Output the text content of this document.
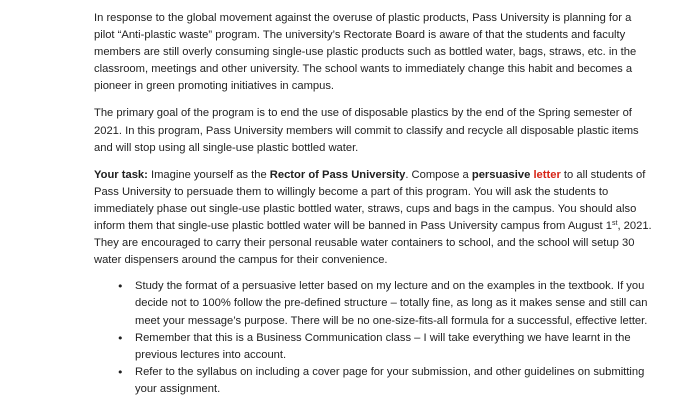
In response to the global movement against the overuse of plastic products, Pass University is planning for a pilot “Anti-plastic waste” program. The university’s Rectorate Board is aware of that the students and faculty members are still overly consuming single-use plastic products such as bottled water, bags, straws, etc. in the classroom, meetings and other university. The school wants to immediately change this habit and becomes a pioneer in green promoting initiatives in campus.

The primary goal of the program is to end the use of disposable plastics by the end of the Spring semester of 2021. In this program, Pass University members will commit to classify and recycle all disposable plastic items and will stop using all single-use plastic bottled water.

Your task: Imagine yourself as the Rector of Pass University. Compose a persuasive letter to all students of Pass University to persuade them to willingly become a part of this program. You will ask the students to immediately phase out single-use plastic bottled water, straws, cups and bags in the campus. You should also inform them that single-use plastic bottled water will be banned in Pass University campus from August 1st, 2021. They are encouraged to carry their personal reusable water containers to school, and the school will setup 30 water dispensers around the campus for their convenience.

• Study the format of a persuasive letter based on my lecture and on the examples in the textbook. If you decide not to 100% follow the pre-defined structure – totally fine, as long as it makes sense and still can meet your message’s purpose. There will be no one-size-fits-all formula for a successful, effective letter.
• Remember that this is a Business Communication class – I will take everything we have learnt in the previous lectures into account.
• Refer to the syllabus on including a cover page for your submission, and other guidelines on submitting your assignment.
